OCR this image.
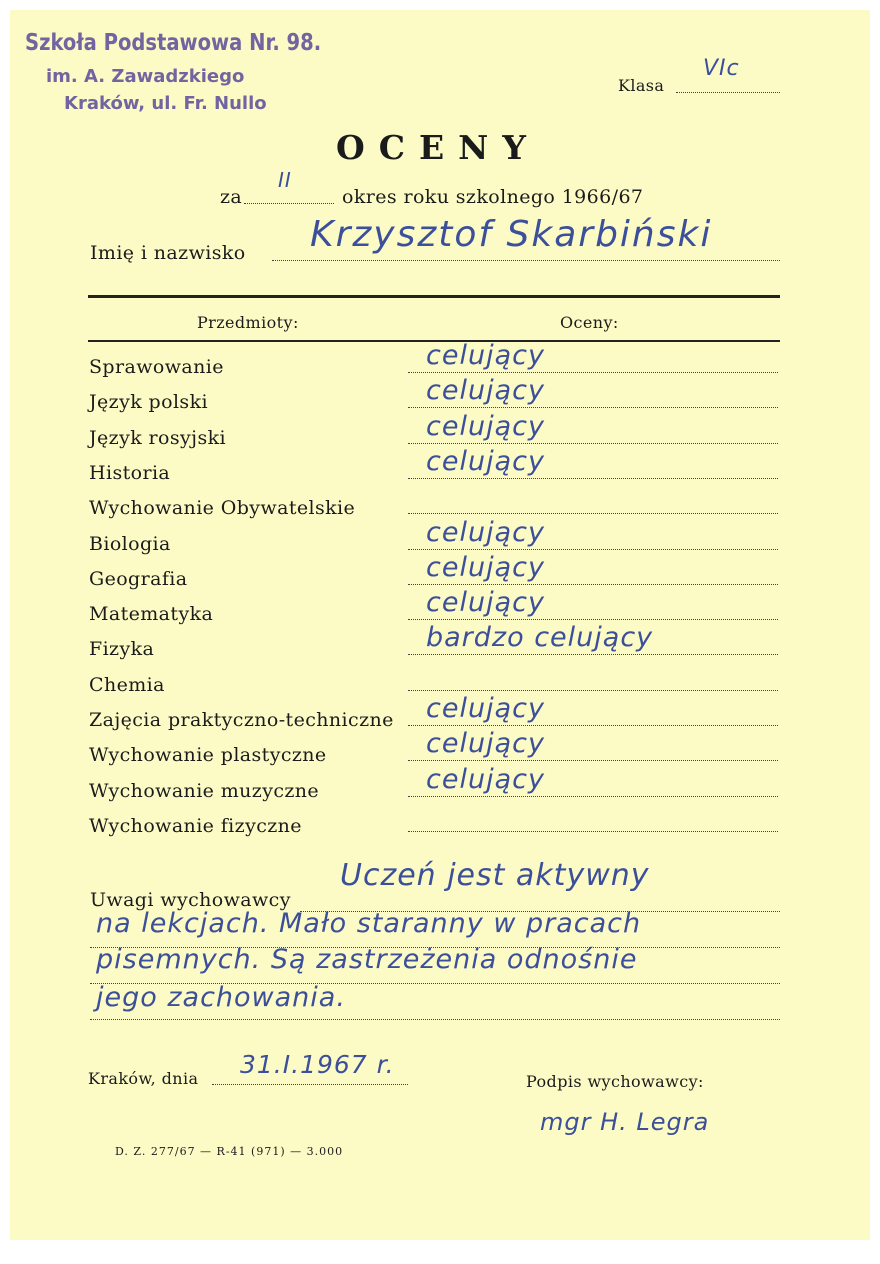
Szkoła Podstawowa Nr. 98.
im. A. Zawadzkiego
Kraków, ul. Fr. Nullo
Klasa
VIc
OCENY
za
II
okres roku szkolnego 1966/67
Imię i nazwisko Krzysztof Skarbiński
Przedmioty:	Oceny:
Sprawowanie	celujący
Język polski	celujący
Język rosyjski	celujący
Historia	celujący
Wychowanie Obywatelskie
Biologia	celujący
Geografia	celujący
Matematyka	celujący
Fizyka	bardzo celujący
Chemia
Zajęcia praktyczno-techniczne celujący
Wychowanie plastyczne	celujący
Wychowanie muzyczne	celujący
Wychowanie fizyczne
Uwagi wychowawcy
Uczeń jest aktywny
na lekcjach. Mało staranny w pracach
pisemnych. Są zastrzeżenia odnośnie
jego zachowania.
Kraków, dnia 31.I.1967 r.
Podpis wychowawcy:
mgr H. Legra
D. Z. 277/67 — R-41 (971) — 3.000
